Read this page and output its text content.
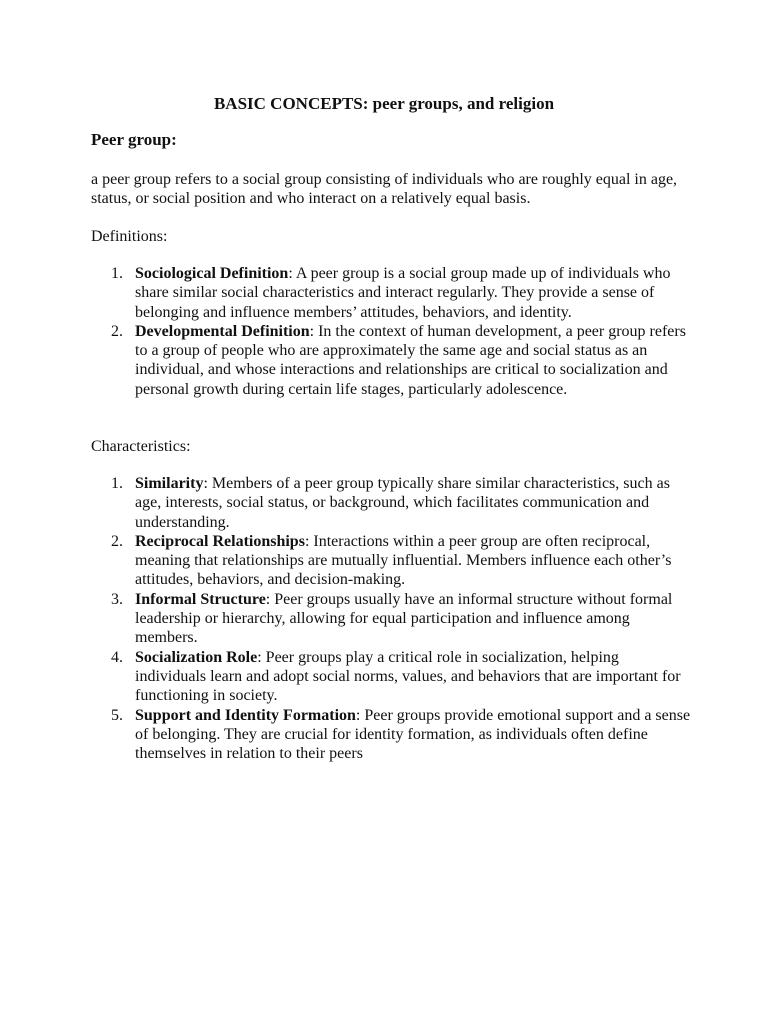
BASIC CONCEPTS: peer groups, and religion
Peer group:

a peer group refers to a social group consisting of individuals who are roughly equal in age, status, or social position and who interact on a relatively equal basis.

Definitions:

1. Sociological Definition: A peer group is a social group made up of individuals who share similar social characteristics and interact regularly. They provide a sense of belonging and influence members’ attitudes, behaviors, and identity.
2. Developmental Definition: In the context of human development, a peer group refers to a group of people who are approximately the same age and social status as an individual, and whose interactions and relationships are critical to socialization and personal growth during certain life stages, particularly adolescence.

Characteristics:

1. Similarity: Members of a peer group typically share similar characteristics, such as age, interests, social status, or background, which facilitates communication and understanding.
2. Reciprocal Relationships: Interactions within a peer group are often reciprocal, meaning that relationships are mutually influential. Members influence each other’s attitudes, behaviors, and decision-making.
3. Informal Structure: Peer groups usually have an informal structure without formal leadership or hierarchy, allowing for equal participation and influence among members.
4. Socialization Role: Peer groups play a critical role in socialization, helping individuals learn and adopt social norms, values, and behaviors that are important for functioning in society.
5. Support and Identity Formation: Peer groups provide emotional support and a sense of belonging. They are crucial for identity formation, as individuals often define themselves in relation to their peers
